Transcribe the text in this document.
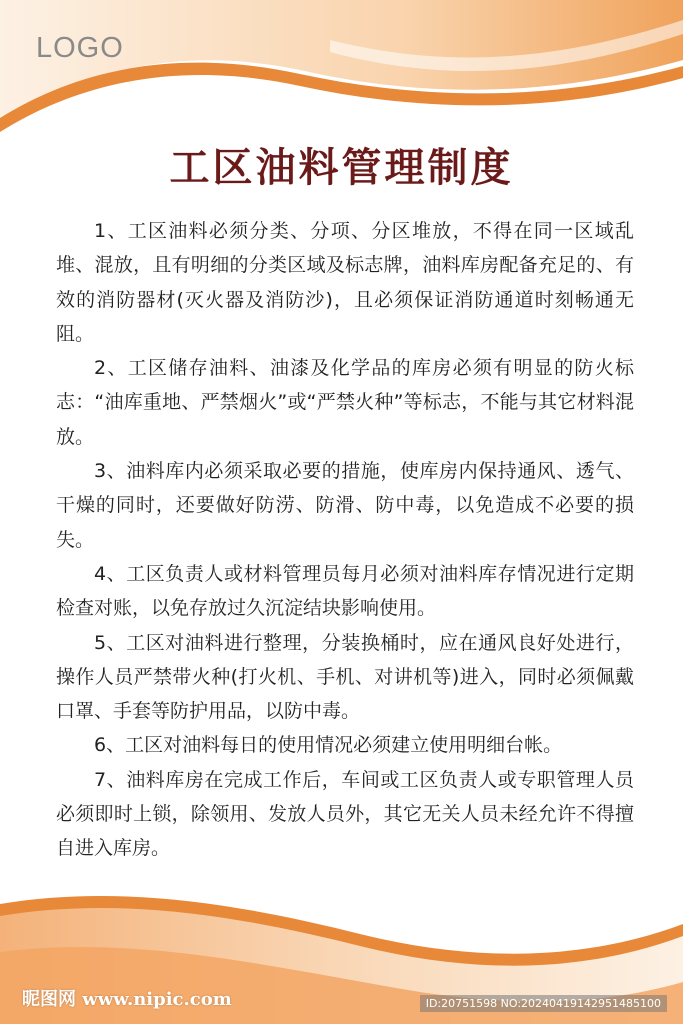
LOGO
工区油料管理制度

1、工区油料必须分类、分项、分区堆放，不得在同一区域乱堆、混放，且有明细的分类区域及标志牌，油料库房配备充足的、有效的消防器材(灭火器及消防沙)，且必须保证消防通道时刻畅通无阻。

2、工区储存油料、油漆及化学品的库房必须有明显的防火标志：“油库重地、严禁烟火”或“严禁火种”等标志，不能与其它材料混放。

3、油料库内必须采取必要的措施，使库房内保持通风、透气、干燥的同时，还要做好防涝、防滑、防中毒，以免造成不必要的损失。

4、工区负责人或材料管理员每月必须对油料库存情况进行定期检查对账，以免存放过久沉淀结块影响使用。

5、工区对油料进行整理，分装换桶时，应在通风良好处进行，操作人员严禁带火种(打火机、手机、对讲机等)进入，同时必须佩戴口罩、手套等防护用品，以防中毒。

6、工区对油料每日的使用情况必须建立使用明细台帐。

7、油料库房在完成工作后，车间或工区负责人或专职管理人员必须即时上锁，除领用、发放人员外，其它无关人员未经允许不得擅自进入库房。

昵图网 www.nipic.com	ID:20751598 NO:20240419142951485100
